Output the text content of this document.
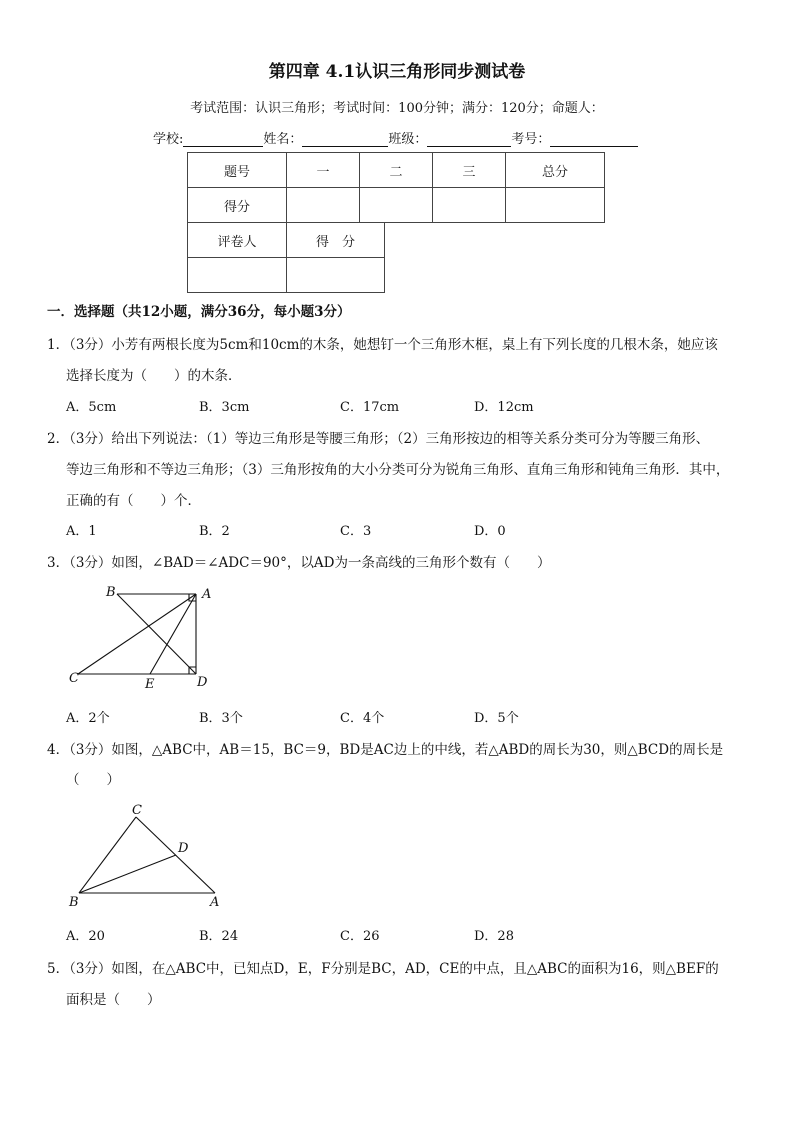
第四章 4.1认识三角形同步测试卷
考试范围：认识三角形；考试时间：100分钟；满分：120分；命题人：
学校:	姓名：	班级：	考号：
题号	一	二	三	总分
得分				
评卷人	得　分

一．选择题（共12小题，满分36分，每小题3分）
1．（3分）小芳有两根长度为5cm和10cm的木条，她想钉一个三角形木框，桌上有下列长度的几根木条，她应该
选择长度为（　　）的木条．
A．5cm	B．3cm	C．17cm	D．12cm
2．（3分）给出下列说法：（1）等边三角形是等腰三角形；（2）三角形按边的相等关系分类可分为等腰三角形、
等边三角形和不等边三角形；（3）三角形按角的大小分类可分为锐角三角形、直角三角形和钝角三角形．其中，
正确的有（　　）个．
A．1	B．2	C．3	D．0
3．（3分）如图，∠BAD＝∠ADC＝90°，以AD为一条高线的三角形个数有（　　）
B	A
C	E	D
A．2个	B．3个	C．4个	D．5个
4．（3分）如图，△ABC中，AB＝15，BC＝9，BD是AC边上的中线，若△ABD的周长为30，则△BCD的周长是
（　　）
C
D
B	A
A．20	B．24	C．26	D．28
5．（3分）如图，在△ABC中，已知点D，E，F分别是BC，AD，CE的中点，且△ABC的面积为16，则△BEF的
面积是（　　）
